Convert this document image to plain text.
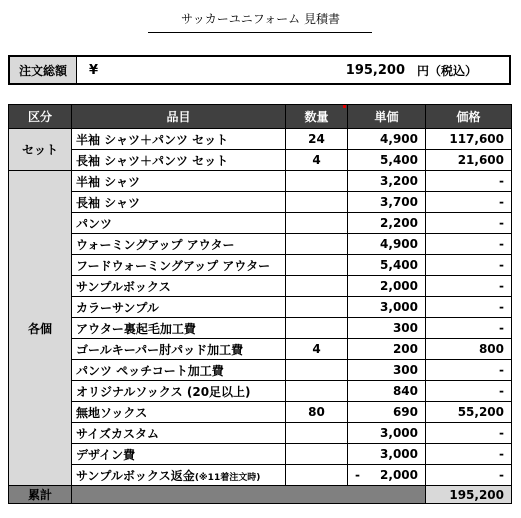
サッカーユニフォーム 見積書
注文総額	¥	195,200	円（税込）
区分	品目	数量	単価	価格
セット	半袖 シャツ＋パンツ セット	24	4,900	117,600
	長袖 シャツ＋パンツ セット	4	5,400	21,600
各個	半袖 シャツ		3,200	-
	長袖 シャツ		3,700	-
	パンツ		2,200	-
	ウォーミングアップ アウター		4,900	-
	フードウォーミングアップ アウター		5,400	-
	サンプルボックス		2,000	-
	カラーサンプル		3,000	-
	アウター裏起毛加工費		300	-
	ゴールキーパー肘パッド加工費	4	200	800
	パンツ ペッチコート加工費		300	-
	オリジナルソックス (20足以上)		840	-
	無地ソックス	80	690	55,200
	サイズカスタム		3,000	-
	デザイン費		3,000	-
	サンプルボックス返金(※11着注文時)		- 2,000	-
累計				195,200
